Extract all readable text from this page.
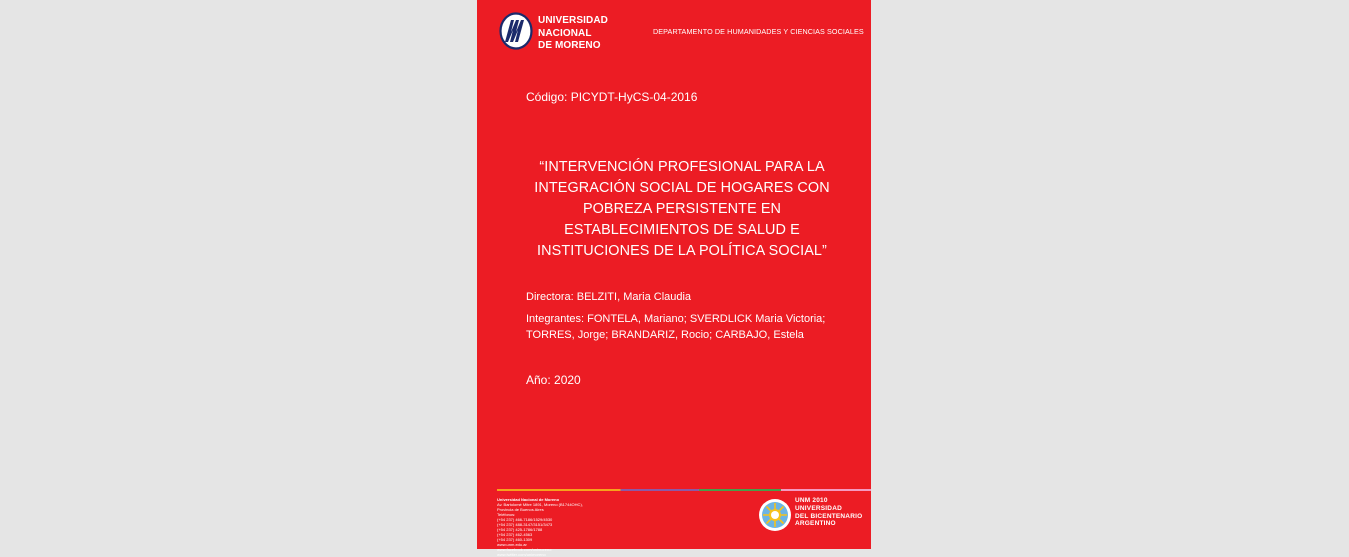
UNIVERSIDAD
NACIONAL
DE MORENO
DEPARTAMENTO DE HUMANIDADES Y CIENCIAS SOCIALES
Código: PICYDT-HyCS-04-2016
“INTERVENCIÓN PROFESIONAL PARA LA
INTEGRACIÓN SOCIAL DE HOGARES CON
POBREZA PERSISTENTE EN
ESTABLECIMIENTOS DE SALUD E
INSTITUCIONES DE LA POLÍTICA SOCIAL”
Directora: BELZITI, Maria Claudia
Integrantes: FONTELA, Mariano; SVERDLICK Maria Victoria;
TORRES, Jorge; BRANDARIZ, Rocio; CARBAJO, Estela
Año: 2020
Universidad Nacional de Moreno
Av. Bartolomé Mitre 1891, Moreno (B1744OHC),
Provincia de Buenos Aires
Teléfonos:
(+54 237) 466-7186/1529/4530
(+54 237) 488-3147/3151/3473
(+54 237) 425-1786/1788
(+54 237) 462-4563
(+54 237) 460-1309
www.unm.edu.ar
www.facebook.com/unimoreno
www.twitter.com/unimoreno
UNM 2010
UNIVERSIDAD
DEL BICENTENARIO
ARGENTINO
